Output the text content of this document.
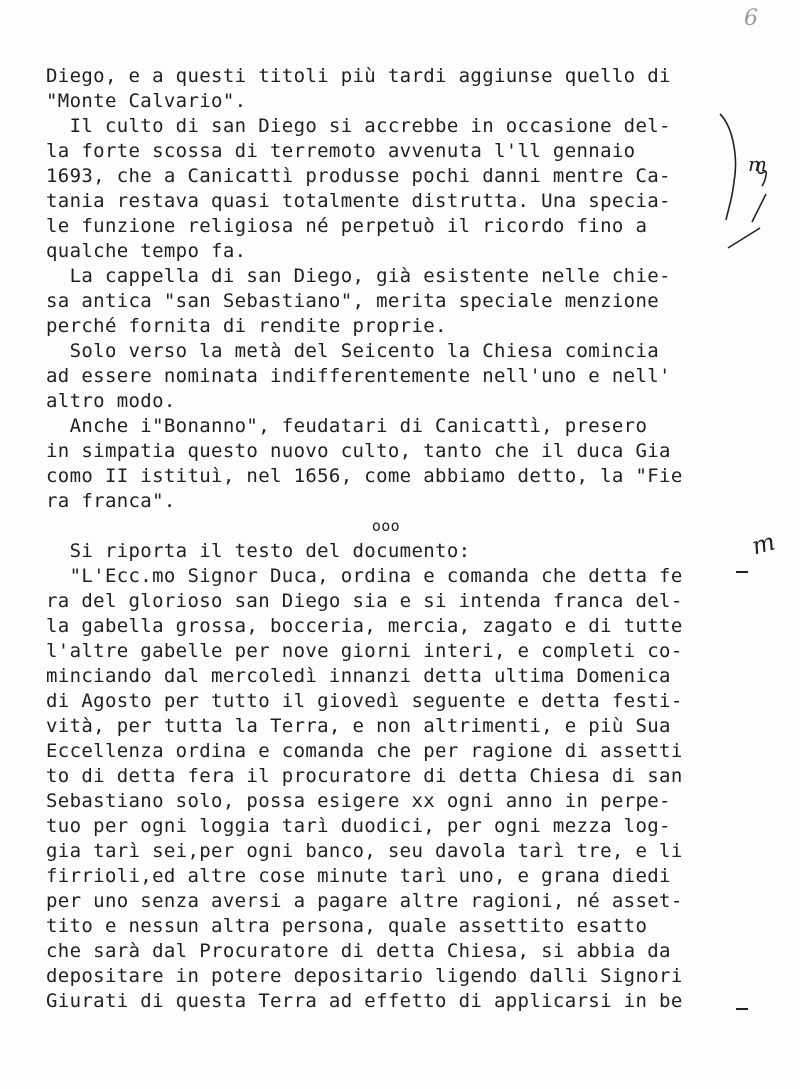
6
Diego, e a questi titoli più tardi aggiunse quello di
"Monte Calvario".
Il culto di san Diego si accrebbe in occasione del-
la forte scossa di terremoto avvenuta l'll gennaio
1693, che a Canicattì produsse pochi danni mentre Ca-
tania restava quasi totalmente distrutta. Una specia-
le funzione religiosa né perpetuò il ricordo fino a
qualche tempo fa.
La cappella di san Diego, già esistente nelle chie-
sa antica "san Sebastiano", merita speciale menzione
perché fornita di rendite proprie.
Solo verso la metà del Seicento la Chiesa comincia
ad essere nominata indifferentemente nell'uno e nell'
altro modo.
Anche i"Bonanno", feudatari di Canicattì, presero
in simpatia questo nuovo culto, tanto che il duca Gia
como II istituì, nel 1656, come abbiamo detto, la "Fie
ra franca".
ooo
Si riporta il testo del documento:
"L'Ecc.mo Signor Duca, ordina e comanda che detta fe
ra del glorioso san Diego sia e si intenda franca del-
la gabella grossa, bocceria, mercia, zagato e di tutte
l'altre gabelle per nove giorni interi, e completi co-
minciando dal mercoledì innanzi detta ultima Domenica
di Agosto per tutto il giovedì seguente e detta festi-
vità, per tutta la Terra, e non altrimenti, e più Sua
Eccellenza ordina e comanda che per ragione di assetti
to di detta fera il procuratore di detta Chiesa di san
Sebastiano solo, possa esigere xx ogni anno in perpe-
tuo per ogni loggia tarì duodici, per ogni mezza log-
gia tarì sei,per ogni banco, seu davola tarì tre, e li
firrioli,ed altre cose minute tarì uno, e grana diedi
per uno senza aversi a pagare altre ragioni, né asset-
tito e nessun altra persona, quale assettito esatto
che sarà dal Procuratore di detta Chiesa, si abbia da
depositare in potere depositario ligendo dalli Signori
Giurati di questa Terra ad effetto di applicarsi in be
m
m
